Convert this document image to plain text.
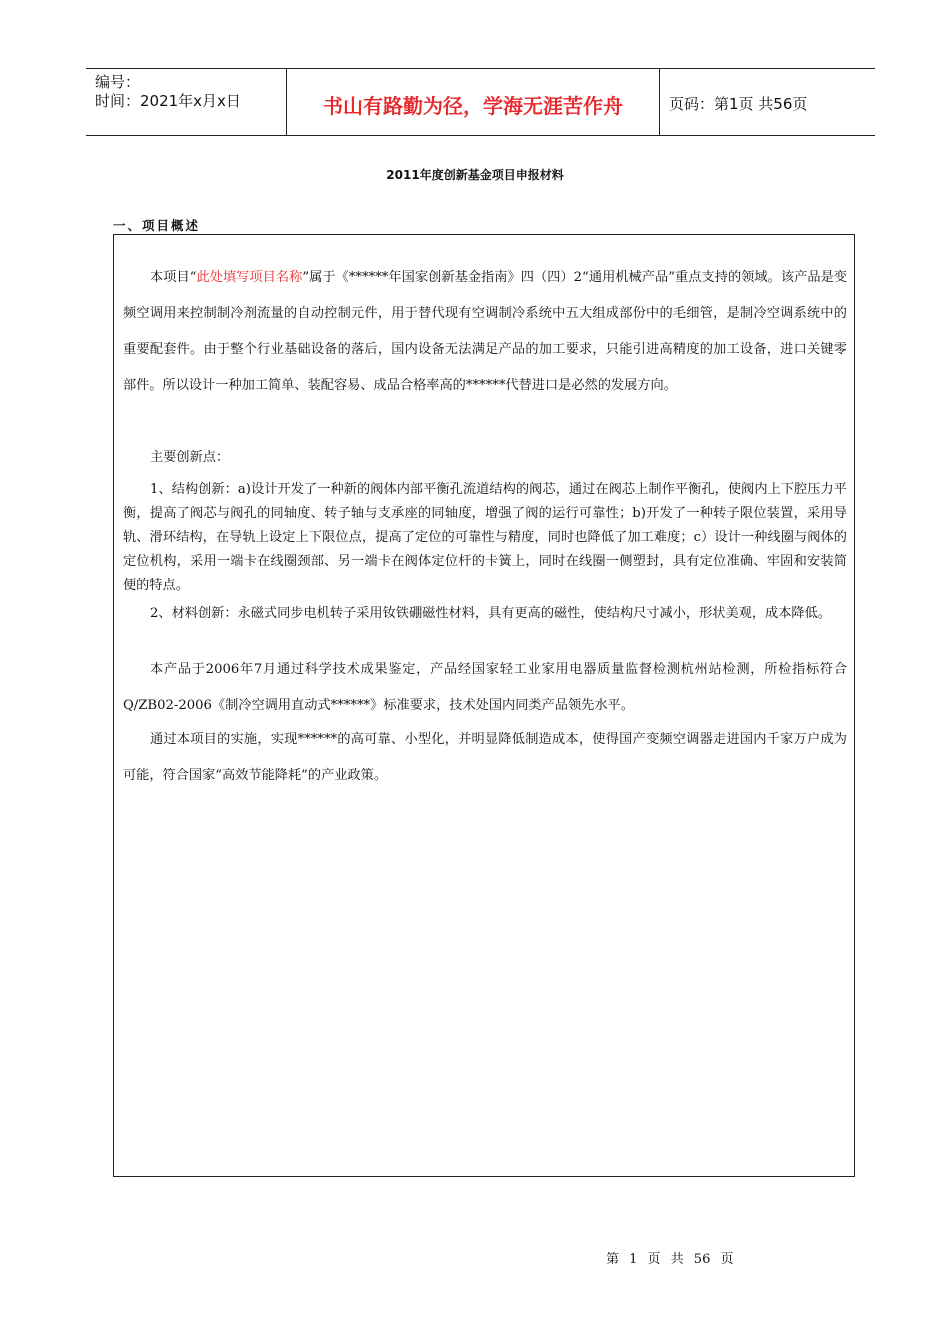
编号：
时间：2021年x月x日	书山有路勤为径，学海无涯苦作舟	页码：第1页 共56页
2011年度创新基金项目申报材料
一、项目概述

本项目“此处填写项目名称”属于《******年国家创新基金指南》四（四）2“通用机械产品”重点支持的领域。该产品是变频空调用来控制制冷剂流量的自动控制元件，用于替代现有空调制冷系统中五大组成部份中的毛细管，是制冷空调系统中的重要配套件。由于整个行业基础设备的落后，国内设备无法满足产品的加工要求，只能引进高精度的加工设备，进口关键零部件。所以设计一种加工简单、装配容易、成品合格率高的******代替进口是必然的发展方向。

主要创新点：

1、结构创新：a)设计开发了一种新的阀体内部平衡孔流道结构的阀芯，通过在阀芯上制作平衡孔，使阀内上下腔压力平衡，提高了阀芯与阀孔的同轴度、转子轴与支承座的同轴度，增强了阀的运行可靠性；b)开发了一种转子限位装置，采用导轨、滑环结构，在导轨上设定上下限位点，提高了定位的可靠性与精度，同时也降低了加工难度；c）设计一种线圈与阀体的定位机构，采用一端卡在线圈颈部、另一端卡在阀体定位杆的卡簧上，同时在线圈一侧塑封，具有定位准确、牢固和安装简便的特点。

2、材料创新：永磁式同步电机转子采用钕铁硼磁性材料，具有更高的磁性，使结构尺寸减小，形状美观，成本降低。

本产品于2006年7月通过科学技术成果鉴定，产品经国家轻工业家用电器质量监督检测杭州站检测，所检指标符合Q/ZB02-2006《制冷空调用直动式******》标准要求，技术处国内同类产品领先水平。

通过本项目的实施，实现******的高可靠、小型化，并明显降低制造成本，使得国产变频空调器走进国内千家万户成为可能，符合国家“高效节能降耗”的产业政策。

第 1 页 共 56 页
